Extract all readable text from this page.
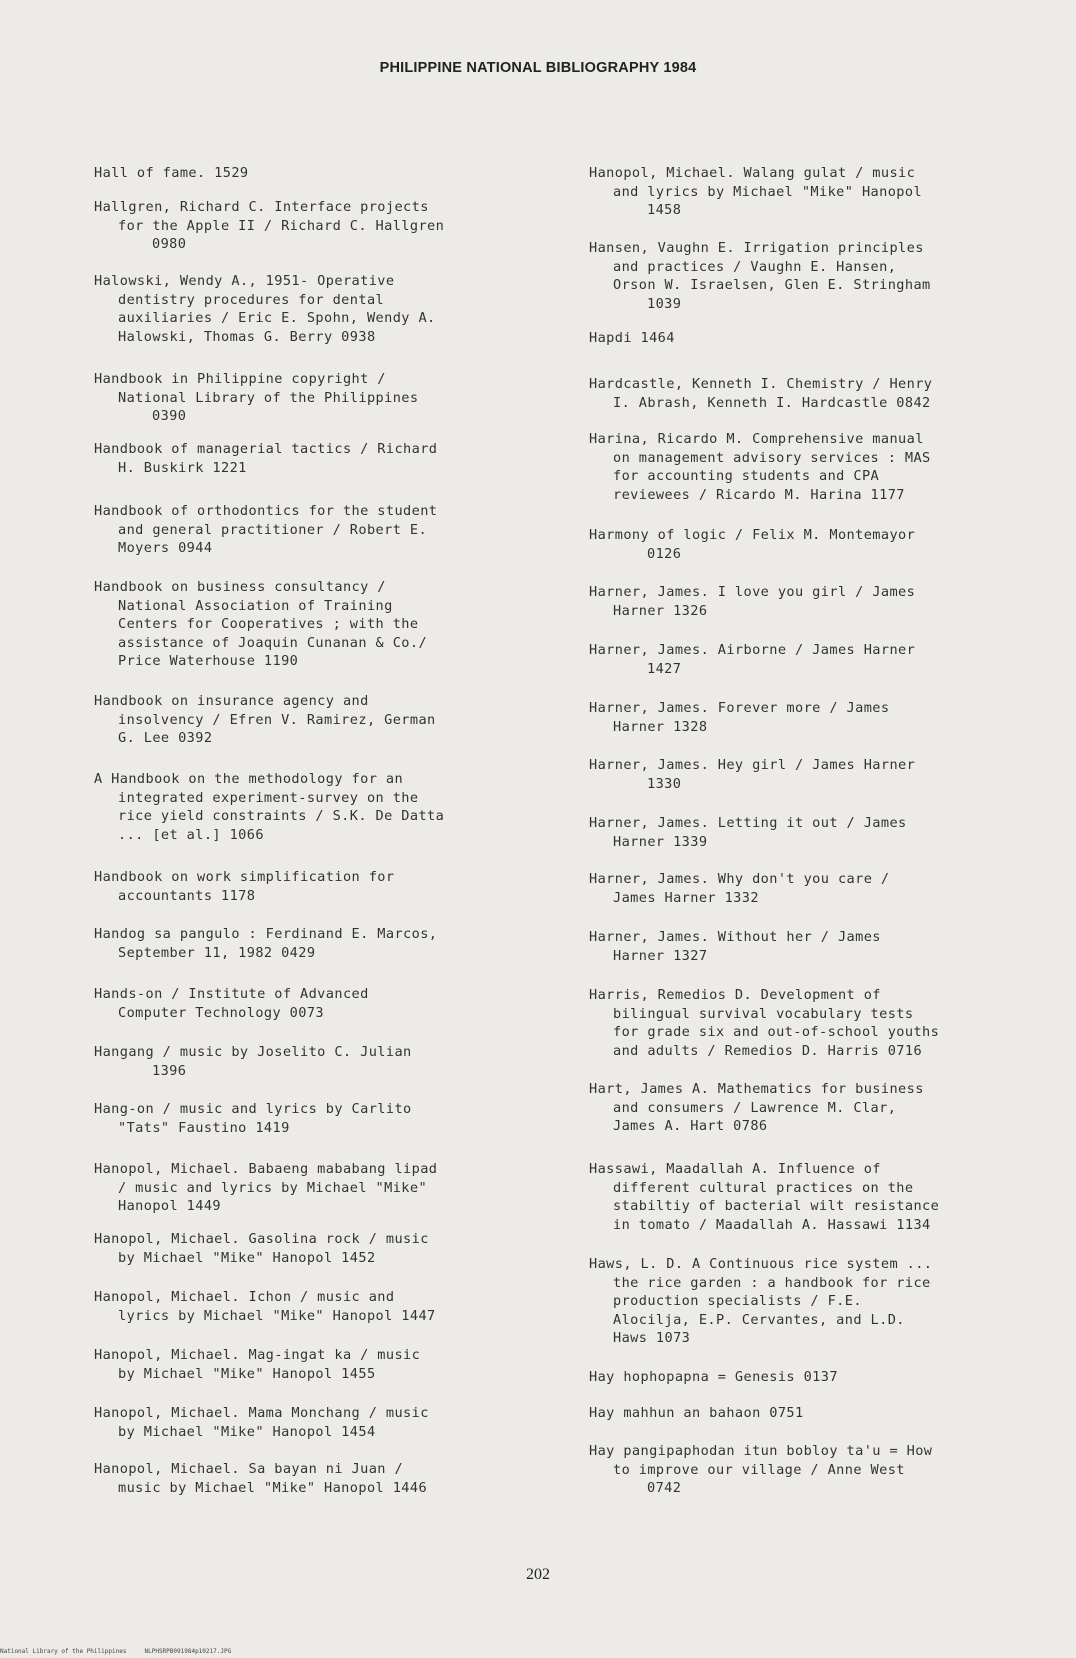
PHILIPPINE NATIONAL BIBLIOGRAPHY 1984
Hall of fame. 1529
Hallgren, Richard C. Interface projects
for the Apple II / Richard C. Hallgren
0980
Halowski, Wendy A., 1951- Operative
dentistry procedures for dental
auxiliaries / Eric E. Spohn, Wendy A.
Halowski, Thomas G. Berry 0938
Handbook in Philippine copyright /
National Library of the Philippines
0390
Handbook of managerial tactics / Richard
H. Buskirk 1221
Handbook of orthodontics for the student
and general practitioner / Robert E.
Moyers 0944
Handbook on business consultancy /
National Association of Training
Centers for Cooperatives ; with the
assistance of Joaquin Cunanan & Co./
Price Waterhouse 1190
Handbook on insurance agency and
insolvency / Efren V. Ramirez, German
G. Lee 0392
A Handbook on the methodology for an
integrated experiment-survey on the
rice yield constraints / S.K. De Datta
... [et al.] 1066
Handbook on work simplification for
accountants 1178
Handog sa pangulo : Ferdinand E. Marcos,
September 11, 1982 0429
Hands-on / Institute of Advanced
Computer Technology 0073
Hangang / music by Joselito C. Julian
1396
Hang-on / music and lyrics by Carlito
"Tats" Faustino 1419
Hanopol, Michael. Babaeng mababang lipad
/ music and lyrics by Michael "Mike"
Hanopol 1449
Hanopol, Michael. Gasolina rock / music
by Michael "Mike" Hanopol 1452
Hanopol, Michael. Ichon / music and
lyrics by Michael "Mike" Hanopol 1447
Hanopol, Michael. Mag-ingat ka / music
by Michael "Mike" Hanopol 1455
Hanopol, Michael. Mama Monchang / music
by Michael "Mike" Hanopol 1454
Hanopol, Michael. Sa bayan ni Juan /
music by Michael "Mike" Hanopol 1446
Hanopol, Michael. Walang gulat / music
and lyrics by Michael "Mike" Hanopol
1458
Hansen, Vaughn E. Irrigation principles
and practices / Vaughn E. Hansen,
Orson W. Israelsen, Glen E. Stringham
1039
Hapdi 1464
Hardcastle, Kenneth I. Chemistry / Henry
I. Abrash, Kenneth I. Hardcastle 0842
Harina, Ricardo M. Comprehensive manual
on management advisory services : MAS
for accounting students and CPA
reviewees / Ricardo M. Harina 1177
Harmony of logic / Felix M. Montemayor
0126
Harner, James. I love you girl / James
Harner 1326
Harner, James. Airborne / James Harner
1427
Harner, James. Forever more / James
Harner 1328
Harner, James. Hey girl / James Harner
1330
Harner, James. Letting it out / James
Harner 1339
Harner, James. Why don't you care /
James Harner 1332
Harner, James. Without her / James
Harner 1327
Harris, Remedios D. Development of
bilingual survival vocabulary tests
for grade six and out-of-school youths
and adults / Remedios D. Harris 0716
Hart, James A. Mathematics for business
and consumers / Lawrence M. Clar,
James A. Hart 0786
Hassawi, Maadallah A. Influence of
different cultural practices on the
stabiltiy of bacterial wilt resistance
in tomato / Maadallah A. Hassawi 1134
Haws, L. D. A Continuous rice system ...
the rice garden : a handbook for rice
production specialists / F.E.
Alocilja, E.P. Cervantes, and L.D.
Haws 1073
Hay hophopapna = Genesis 0137
Hay mahhun an bahaon 0751
Hay pangipaphodan itun bobloy ta'u = How
to improve our village / Anne West
0742
202
National Library of the Philippines     NLPHSRPB091984p10217.JPG
